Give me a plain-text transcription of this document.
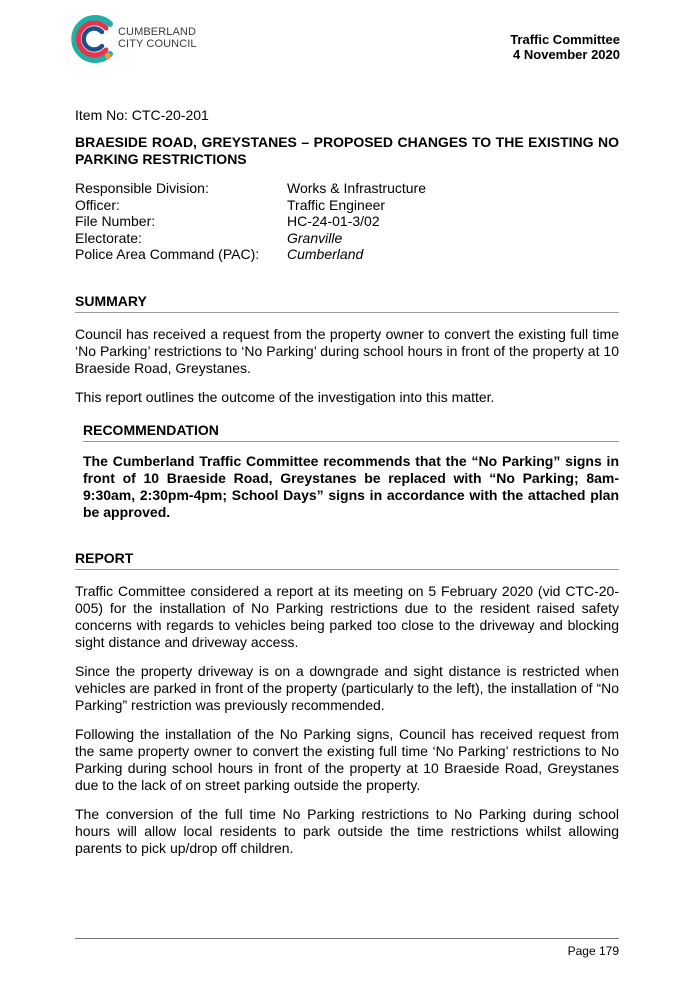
CUMBERLAND
CITY COUNCIL	Traffic Committee
4 November 2020

Item No: CTC-20-201

BRAESIDE ROAD, GREYSTANES – PROPOSED CHANGES TO THE EXISTING NO PARKING RESTRICTIONS

Responsible Division:	Works & Infrastructure
Officer:	Traffic Engineer
File Number:	HC-24-01-3/02
Electorate:	Granville
Police Area Command (PAC):	Cumberland

SUMMARY

Council has received a request from the property owner to convert the existing full time ‘No Parking’ restrictions to ‘No Parking’ during school hours in front of the property at 10 Braeside Road, Greystanes.

This report outlines the outcome of the investigation into this matter.

RECOMMENDATION

The Cumberland Traffic Committee recommends that the “No Parking” signs in front of 10 Braeside Road, Greystanes be replaced with “No Parking; 8am-9:30am, 2:30pm-4pm; School Days” signs in accordance with the attached plan be approved.

REPORT

Traffic Committee considered a report at its meeting on 5 February 2020 (vid CTC-20-005) for the installation of No Parking restrictions due to the resident raised safety concerns with regards to vehicles being parked too close to the driveway and blocking sight distance and driveway access.

Since the property driveway is on a downgrade and sight distance is restricted when vehicles are parked in front of the property (particularly to the left), the installation of “No Parking” restriction was previously recommended.

Following the installation of the No Parking signs, Council has received request from the same property owner to convert the existing full time ‘No Parking’ restrictions to No Parking during school hours in front of the property at 10 Braeside Road, Greystanes due to the lack of on street parking outside the property.

The conversion of the full time No Parking restrictions to No Parking during school hours will allow local residents to park outside the time restrictions whilst allowing parents to pick up/drop off children.

Page 179
